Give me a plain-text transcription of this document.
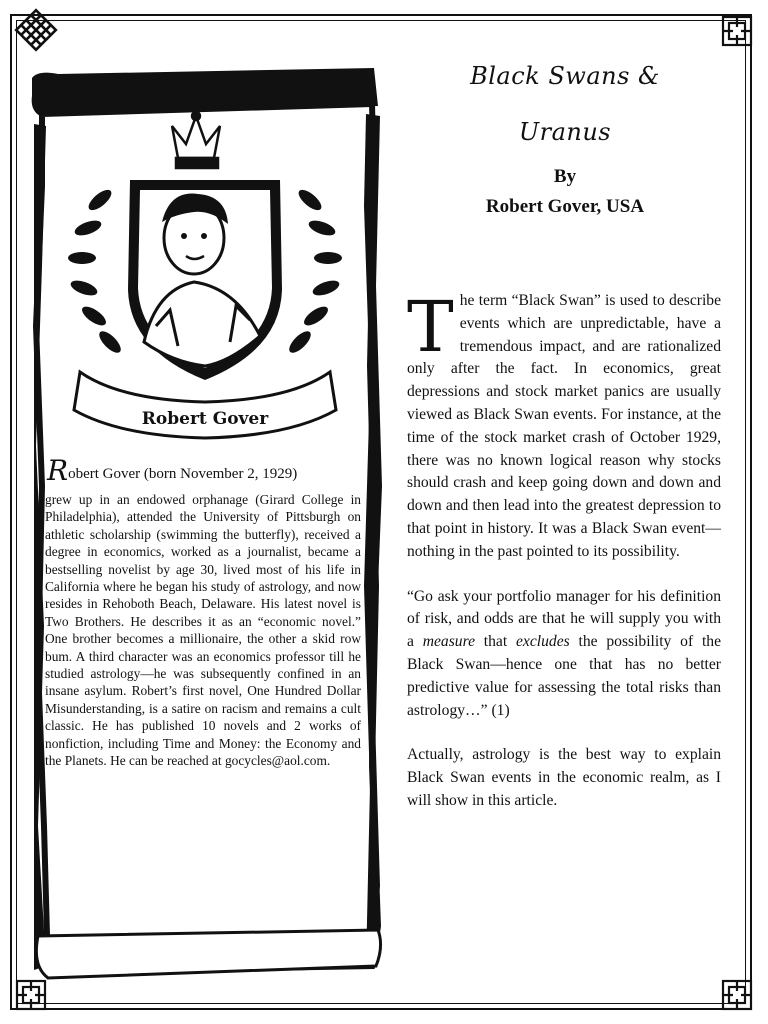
Robert Gover
Robert Gover (born November 2, 1929)

grew up in an endowed orphanage (Girard College in Philadelphia), attended the University of Pittsburgh on athletic scholarship (swimming the butterfly), received a degree in economics, worked as a journalist, became a bestselling novelist by age 30, lived most of his life in California where he began his study of astrology, and now resides in Rehoboth Beach, Delaware. His latest novel is Two Brothers. He describes it as an “economic novel.” One brother becomes a millionaire, the other a skid row bum. A third character was an economics professor till he studied astrology—he was subsequently confined in an insane asylum. Robert’s first novel, One Hundred Dollar Misunderstanding, is a satire on racism and remains a cult classic. He has published 10 novels and 2 works of nonfiction, including Time and Money: the Economy and the Planets. He can be reached at gocycles@aol.com.

Black Swans &
Uranus
By
Robert Gover, USA

The term “Black Swan” is used to describe events which are unpredictable, have a tremendous impact, and are rationalized only after the fact. In economics, great depressions and stock market panics are usually viewed as Black Swan events. For instance, at the time of the stock market crash of October 1929, there was no known logical reason why stocks should crash and keep going down and down and down and then lead into the greatest depression to that point in history. It was a Black Swan event—nothing in the past pointed to its possibility.

“Go ask your portfolio manager for his definition of risk, and odds are that he will supply you with a measure that excludes the possibility of the Black Swan—hence one that has no better predictive value for assessing the total risks than astrology…” (1)

Actually, astrology is the best way to explain Black Swan events in the economic realm, as I will show in this article.
